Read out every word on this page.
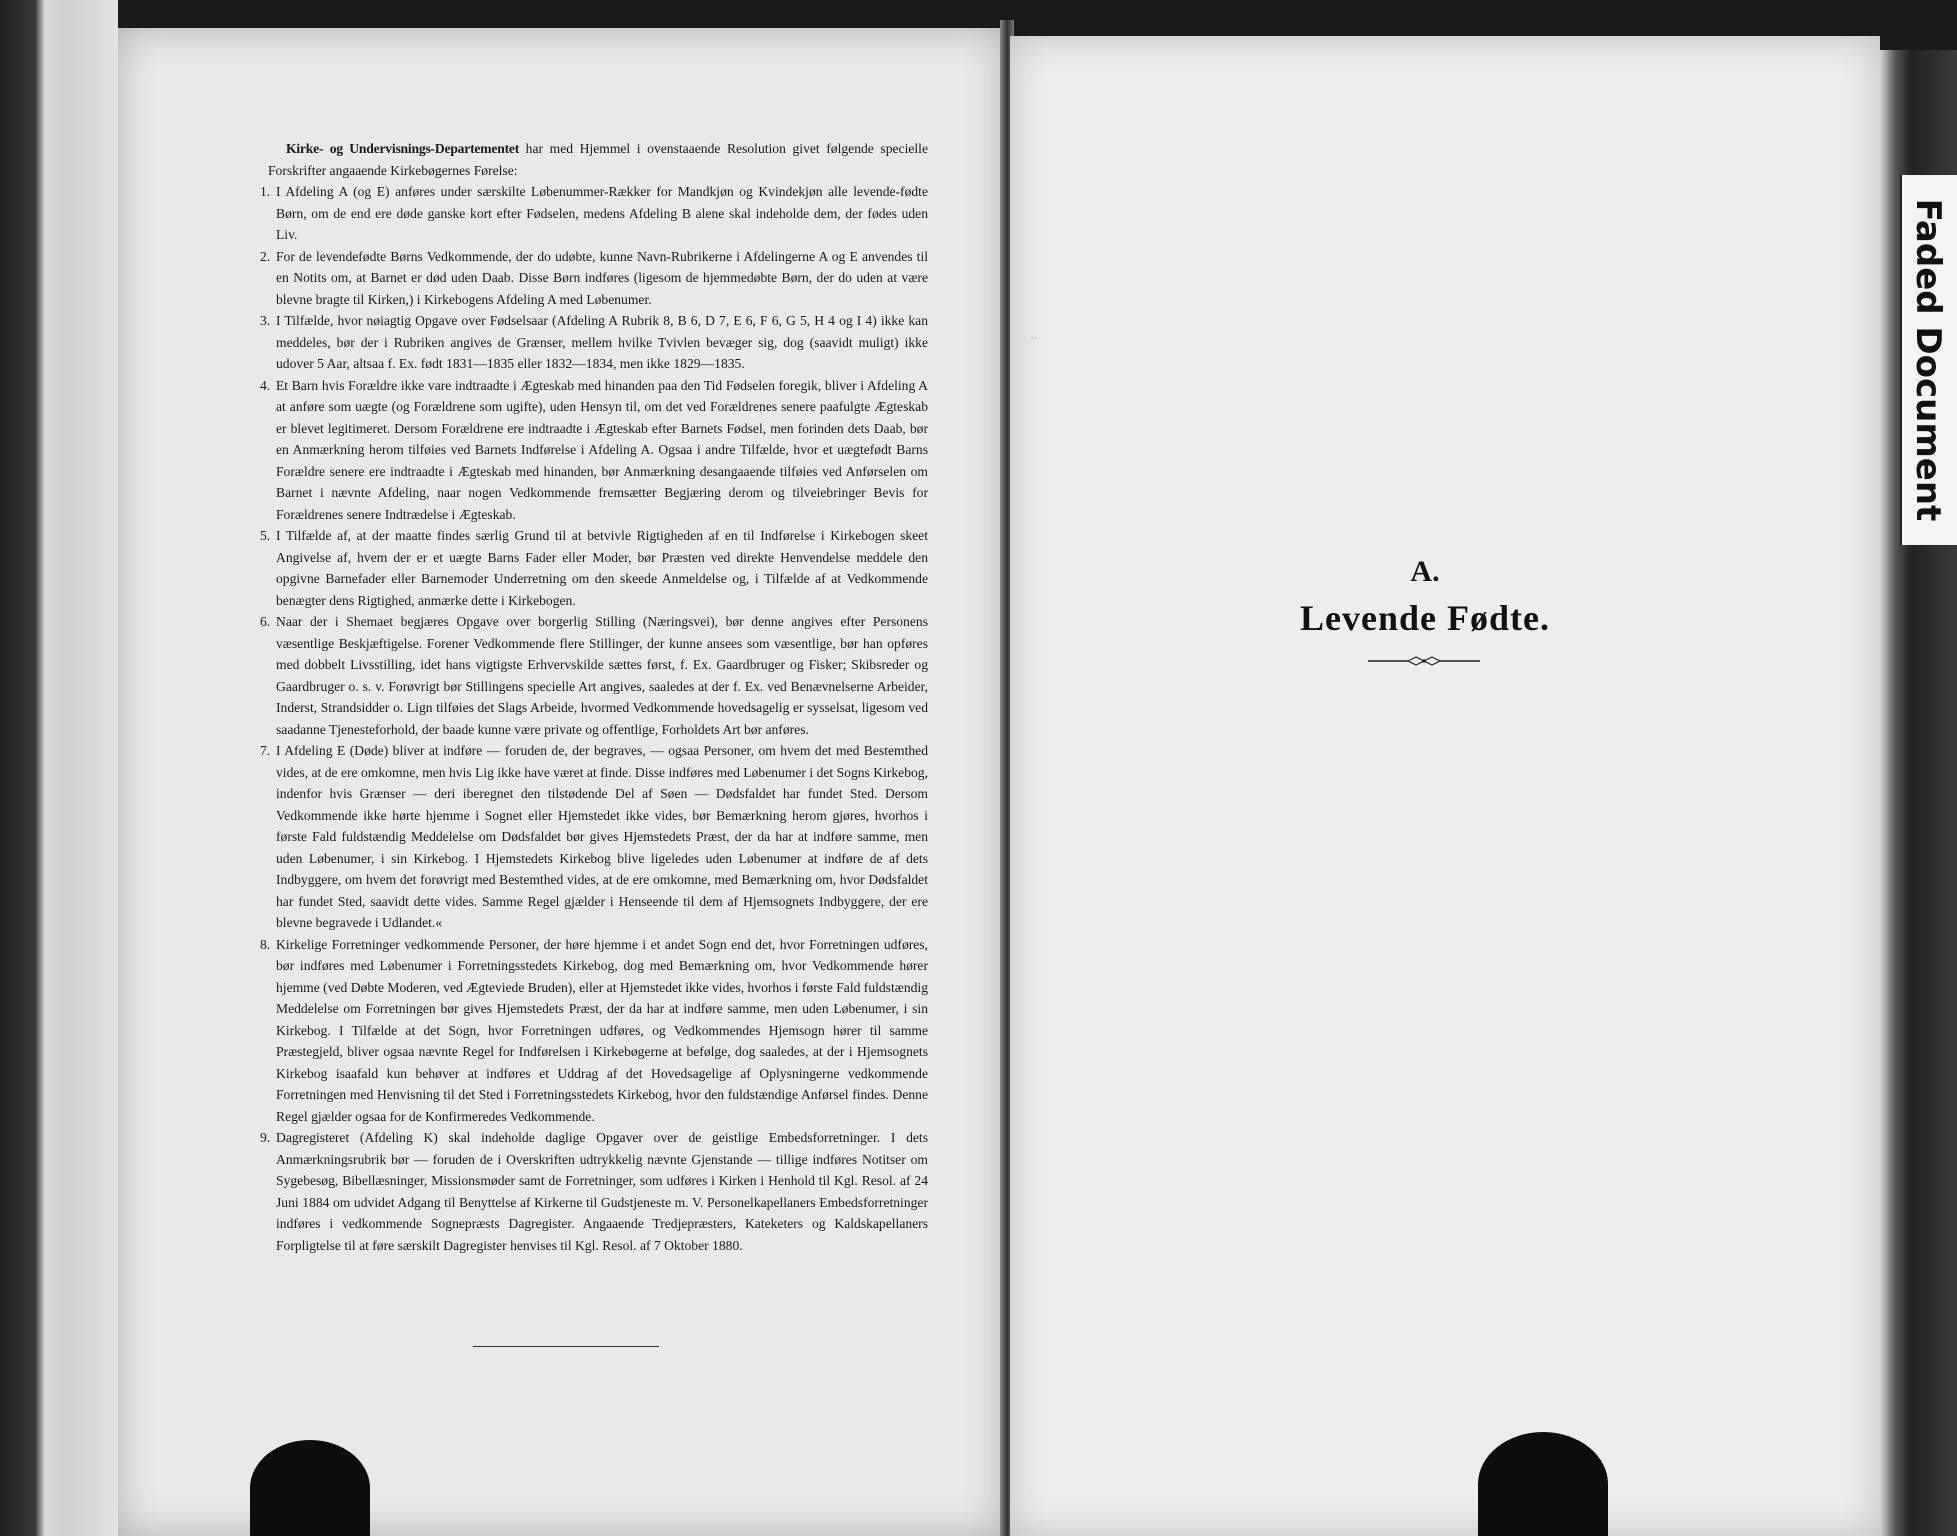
Faded Document
~

Kirke- og Undervisnings-Departementet har med Hjemmel i ovenstaaende Resolution givet følgende specielle Forskrifter angaaende Kirkebøgernes Førelse:

1. I Afdeling A (og E) anføres under særskilte Løbenummer-Rækker for Mandkjøn og Kvindekjøn alle levende-fødte Børn, om de end ere døde ganske kort efter Fødselen, medens Afdeling B alene skal indeholde dem, der fødes uden Liv.

2. For de levendefødte Børns Vedkommende, der do udøbte, kunne Navn-Rubrikerne i Afdelingerne A og E anvendes til en Notits om, at Barnet er død uden Daab. Disse Børn indføres (ligesom de hjemmedøbte Børn, der do uden at være blevne bragte til Kirken,) i Kirkebogens Afdeling A med Løbenumer.

3. I Tilfælde, hvor nøiagtig Opgave over Fødselsaar (Afdeling A Rubrik 8, B 6, D 7, E 6, F 6, G 5, H 4 og I 4) ikke kan meddeles, bør der i Rubriken angives de Grænser, mellem hvilke Tvivlen bevæger sig, dog (saavidt muligt) ikke udover 5 Aar, altsaa f. Ex. født 1831—1835 eller 1832—1834, men ikke 1829—1835.

4. Et Barn hvis Forældre ikke vare indtraadte i Ægteskab med hinanden paa den Tid Fødselen foregik, bliver i Afdeling A at anføre som uægte (og Forældrene som ugifte), uden Hensyn til, om det ved Forældrenes senere paafulgte Ægteskab er blevet legitimeret. Dersom Forældrene ere indtraadte i Ægteskab efter Barnets Fødsel, men forinden dets Daab, bør en Anmærkning herom tilføies ved Barnets Indførelse i Afdeling A. Ogsaa i andre Tilfælde, hvor et uægtefødt Barns Forældre senere ere indtraadte i Ægteskab med hinanden, bør Anmærkning desangaaende tilføies ved Anførselen om Barnet i nævnte Afdeling, naar nogen Vedkommende fremsætter Begjæring derom og tilveiebringer Bevis for Forældrenes senere Indtrædelse i Ægteskab.

5. I Tilfælde af, at der maatte findes særlig Grund til at betvivle Rigtigheden af en til Indførelse i Kirkebogen skeet Angivelse af, hvem der er et uægte Barns Fader eller Moder, bør Præsten ved direkte Henvendelse meddele den opgivne Barnefader eller Barnemoder Underretning om den skeede Anmeldelse og, i Tilfælde af at Vedkommende benægter dens Rigtighed, anmærke dette i Kirkebogen.

6. Naar der i Shemaet begjæres Opgave over borgerlig Stilling (Næringsvei), bør denne angives efter Personens væsentlige Beskjæftigelse. Forener Vedkommende flere Stillinger, der kunne ansees som væsentlige, bør han opføres med dobbelt Livsstilling, idet hans vigtigste Erhvervskilde sættes først, f. Ex. Gaardbruger og Fisker; Skibsreder og Gaardbruger o. s. v. Forøvrigt bør Stillingens specielle Art angives, saaledes at der f. Ex. ved Benævnelserne Arbeider, Inderst, Strandsidder o. Lign tilføies det Slags Arbeide, hvormed Vedkommende hovedsagelig er sysselsat, ligesom ved saadanne Tjenesteforhold, der baade kunne være private og offentlige, Forholdets Art bør anføres.

7. I Afdeling E (Døde) bliver at indføre — foruden de, der begraves, — ogsaa Personer, om hvem det med Bestemthed vides, at de ere omkomne, men hvis Lig ikke have været at finde. Disse indføres med Løbenumer i det Sogns Kirkebog, indenfor hvis Grænser — deri iberegnet den tilstødende Del af Søen — Dødsfaldet har fundet Sted. Dersom Vedkommende ikke hørte hjemme i Sognet eller Hjemstedet ikke vides, bør Bemærkning herom gjøres, hvorhos i første Fald fuldstændig Meddelelse om Dødsfaldet bør gives Hjemstedets Præst, der da har at indføre samme, men uden Løbenumer, i sin Kirkebog. I Hjemstedets Kirkebog blive ligeledes uden Løbenumer at indføre de af dets Indbyggere, om hvem det forøvrigt med Bestemthed vides, at de ere omkomne, med Bemærkning om, hvor Dødsfaldet har fundet Sted, saavidt dette vides. Samme Regel gjælder i Henseende til dem af Hjemsognets Indbyggere, der ere blevne begravede i Udlandet.«

8. Kirkelige Forretninger vedkommende Personer, der høre hjemme i et andet Sogn end det, hvor Forretningen udføres, bør indføres med Løbenumer i Forretningsstedets Kirkebog, dog med Bemærkning om, hvor Vedkommende hører hjemme (ved Døbte Moderen, ved Ægteviede Bruden), eller at Hjemstedet ikke vides, hvorhos i første Fald fuldstændig Meddelelse om Forretningen bør gives Hjemstedets Præst, der da har at indføre samme, men uden Løbenumer, i sin Kirkebog. I Tilfælde at det Sogn, hvor Forretningen udføres, og Vedkommendes Hjemsogn hører til samme Præstegjeld, bliver ogsaa nævnte Regel for Indførelsen i Kirkebøgerne at befølge, dog saaledes, at der i Hjemsognets Kirkebog isaafald kun behøver at indføres et Uddrag af det Hovedsagelige af Oplysningerne vedkommende Forretningen med Henvisning til det Sted i Forretningsstedets Kirkebog, hvor den fuldstændige Anførsel findes. Denne Regel gjælder ogsaa for de Konfirmeredes Vedkommende.

9. Dagregisteret (Afdeling K) skal indeholde daglige Opgaver over de geistlige Embedsforretninger. I dets Anmærkningsrubrik bør — foruden de i Overskriften udtrykkelig nævnte Gjenstande — tillige indføres Notitser om Sygebesøg, Bibellæsninger, Missionsmøder samt de Forretninger, som udføres i Kirken i Henhold til Kgl. Resol. af 24 Juni 1884 om udvidet Adgang til Benyttelse af Kirkerne til Gudstjeneste m. V. Personelkapellaners Embedsforretninger indføres i vedkommende Sognepræsts Dagregister. Angaaende Tredjepræsters, Kateketers og Kaldskapellaners Forpligtelse til at føre særskilt Dagregister henvises til Kgl. Resol. af 7 Oktober 1880.

A.
Levende Fødte.
